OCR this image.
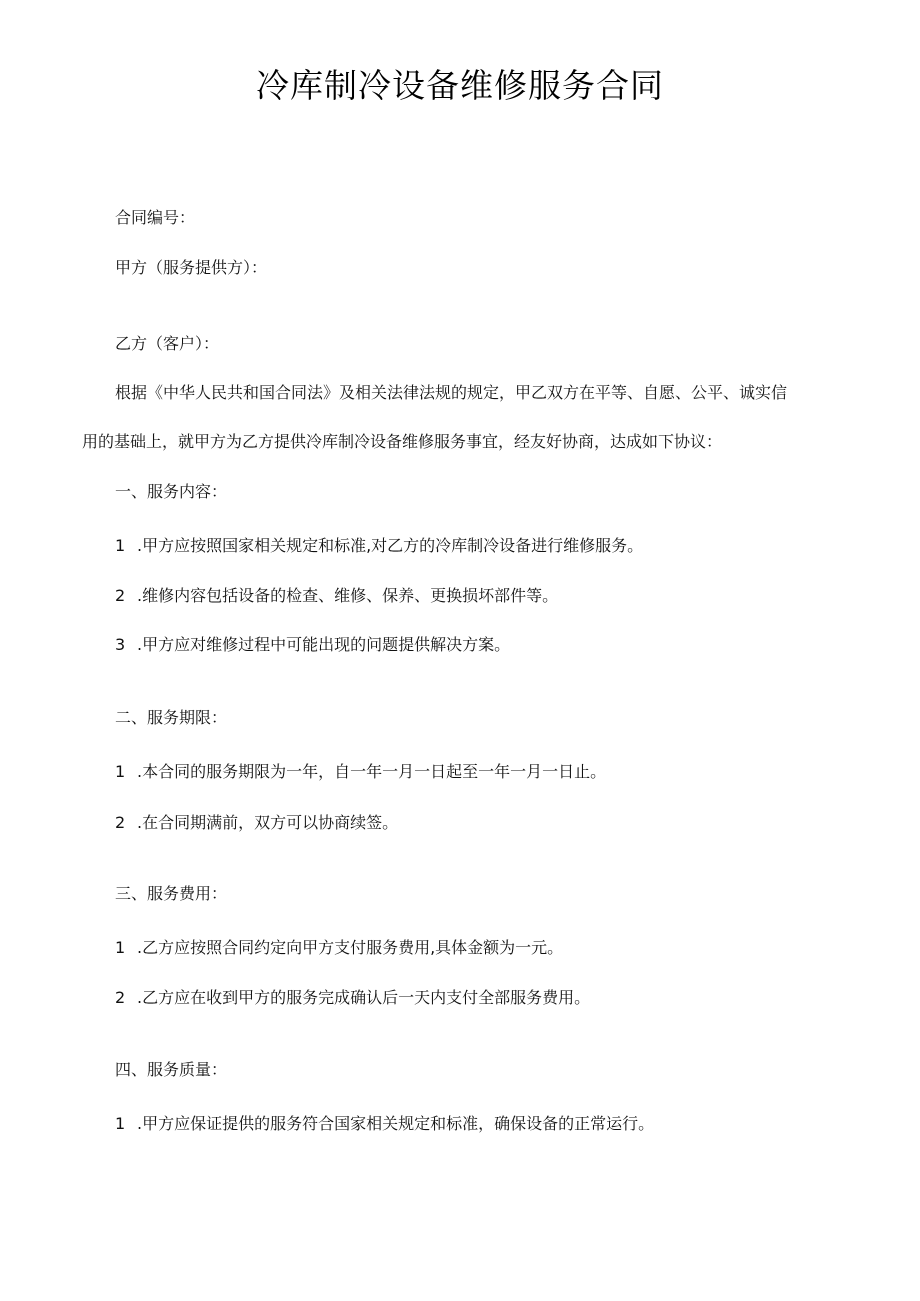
冷库制冷设备维修服务合同
合同编号：
甲方（服务提供方）：
乙方（客户）：
根据《中华人民共和国合同法》及相关法律法规的规定，甲乙双方在平等、自愿、公平、诚实信
用的基础上，就甲方为乙方提供冷库制冷设备维修服务事宜，经友好协商，达成如下协议：
一、服务内容：
1 .甲方应按照国家相关规定和标准,对乙方的冷库制冷设备进行维修服务。
2 .维修内容包括设备的检查、维修、保养、更换损坏部件等。
3 .甲方应对维修过程中可能出现的问题提供解决方案。
二、服务期限：
1 .本合同的服务期限为一年，自一年一月一日起至一年一月一日止。
2 .在合同期满前，双方可以协商续签。
三、服务费用：
1 .乙方应按照合同约定向甲方支付服务费用,具体金额为一元。
2 .乙方应在收到甲方的服务完成确认后一天内支付全部服务费用。
四、服务质量：
1 .甲方应保证提供的服务符合国家相关规定和标准，确保设备的正常运行。
